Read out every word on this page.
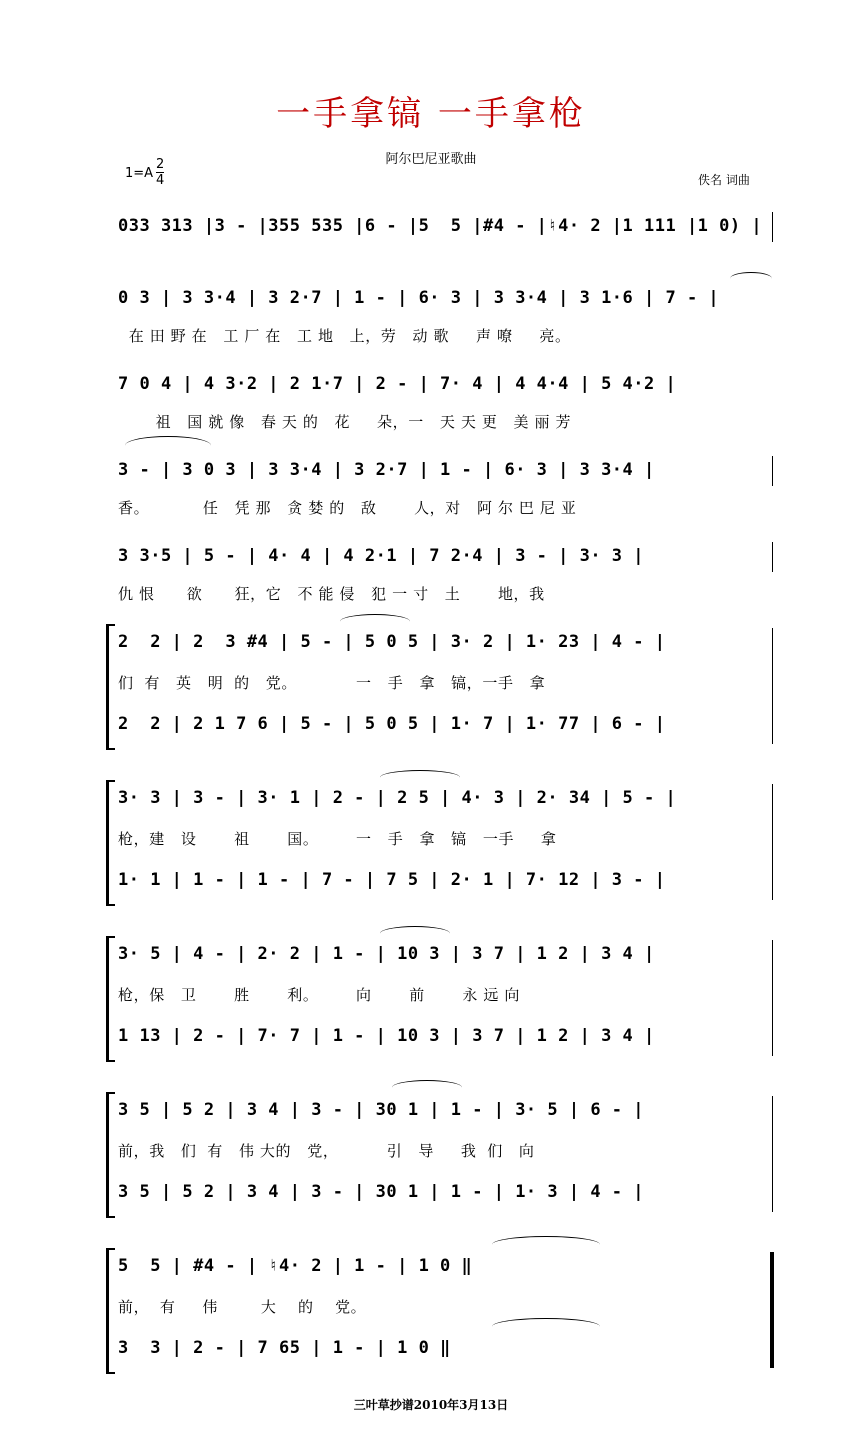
一手拿镐 一手拿枪
阿尔巴尼亚歌曲
1=A
2
4	佚名 词曲
033 313 |3 - |355 535 |6 - |5  5 |#4 - |♮4· 2 |1 111 |1 0) |
0 3 | 3 3·4 | 3 2·7 | 1 - | 6· 3 | 3 3·4 | 3 1·6 | 7 - |
在 田 野 在   工 厂 在   工 地   上，劳   动 歌     声 嘹     亮。
7 0 4 | 4 3·2 | 2 1·7 | 2 - | 7· 4 | 4 4·4 | 5 4·2 |
祖   国 就 像   春 天 的   花     朵，一   天 天 更   美 丽 芳
3 - | 3 0 3 | 3 3·4 | 3 2·7 | 1 - | 6· 3 | 3 3·4 |
香。          任   凭 那   贪 婪 的   敌       人，对   阿 尔 巴 尼 亚
3 3·5 | 5 - | 4· 4 | 4 2·1 | 7 2·4 | 3 - | 3· 3 |
仇 恨      欲      狂，它   不 能 侵   犯 一 寸   土       地，我
2  2 | 2  3 #4 | 5 - | 5 0 5 | 3· 2 | 1· 23 | 4 - |
们  有   英   明  的   党。           一   手   拿   镐，一手   拿
2  2 | 2 1 7 6 | 5 - | 5 0 5 | 1· 7 | 1· 77 | 6 - |
3· 3 | 3 - | 3· 1 | 2 - | 2 5 | 4· 3 | 2· 34 | 5 - |
枪，建   设       祖       国。       一   手   拿   镐   一手     拿
1· 1 | 1 - | 1 - | 7 - | 7 5 | 2· 1 | 7· 12 | 3 - |
3· 5 | 4 - | 2· 2 | 1 - | 10 3 | 3 7 | 1 2 | 3 4 |
枪，保   卫       胜       利。       向       前       永 远 向
1 13 | 2 - | 7· 7 | 1 - | 10 3 | 3 7 | 1 2 | 3 4 |
3 5 | 5 2 | 3 4 | 3 - | 30 1 | 1 - | 3· 5 | 6 - |
前，我   们  有   伟 大的   党，         引   导     我  们   向
3 5 | 5 2 | 3 4 | 3 - | 30 1 | 1 - | 1· 3 | 4 - |
5  5 | #4 - | ♮4· 2 | 1 - | 1 0 ‖
前，  有     伟        大    的    党。
3  3 | 2 - | 7 65 | 1 - | 1 0 ‖
三叶草抄谱2010年3月13日
